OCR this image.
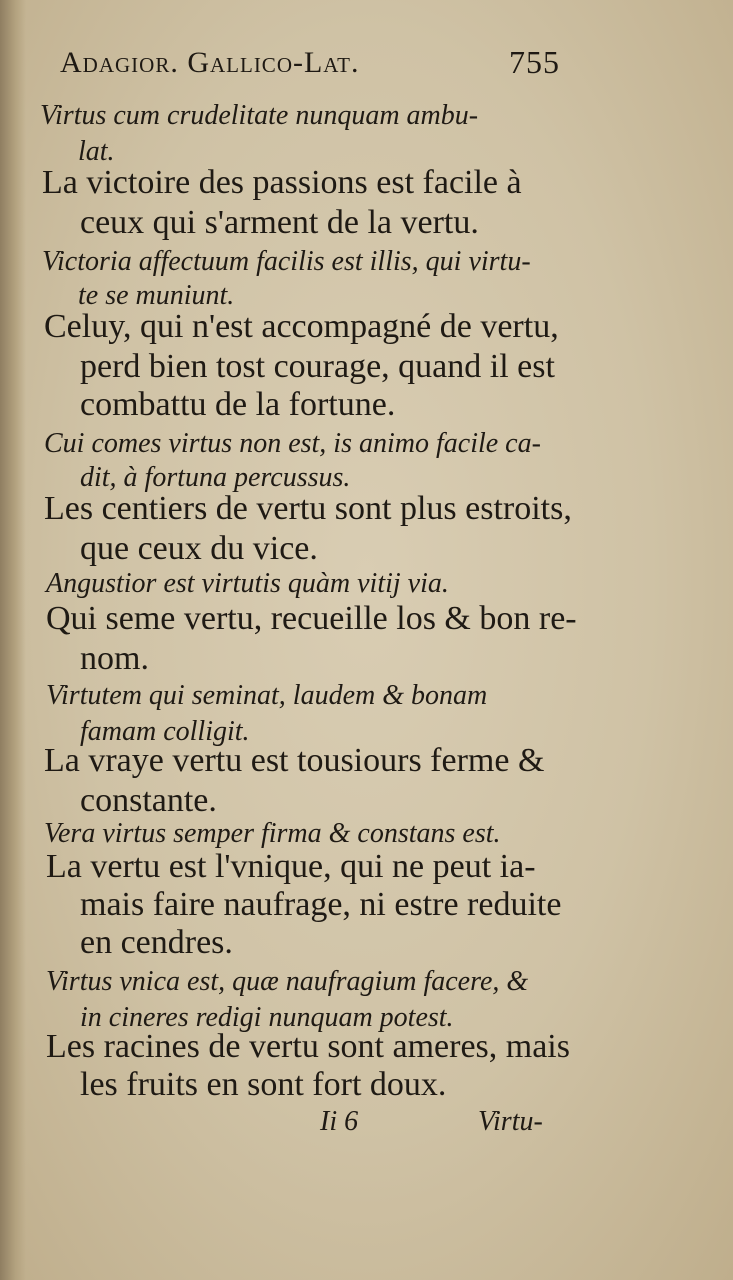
Adagior. Gallico-Lat.	755
Virtus cum crudelitate nunquam ambu-
lat.
La victoire des passions est facile à
ceux qui s'arment de la vertu.
Victoria affectuum facilis est illis, qui virtu-
te se muniunt.
Celuy, qui n'est accompagné de vertu,
perd bien tost courage, quand il est
combattu de la fortune.
Cui comes virtus non est, is animo facile ca-
dit, à fortuna percussus.
Les centiers de vertu sont plus estroits,
que ceux du vice.
Angustior est virtutis quàm vitij via.
Qui seme vertu, recueille los & bon re-
nom.
Virtutem qui seminat, laudem & bonam
famam colligit.
La vraye vertu est tousiours ferme &
constante.
Vera virtus semper firma & constans est.
La vertu est l'vnique, qui ne peut ia-
mais faire naufrage, ni estre reduite
en cendres.
Virtus vnica est, quæ naufragium facere, &
in cineres redigi nunquam potest.
Les racines de vertu sont ameres, mais
les fruits en sont fort doux.
Ii 6	Virtu-
